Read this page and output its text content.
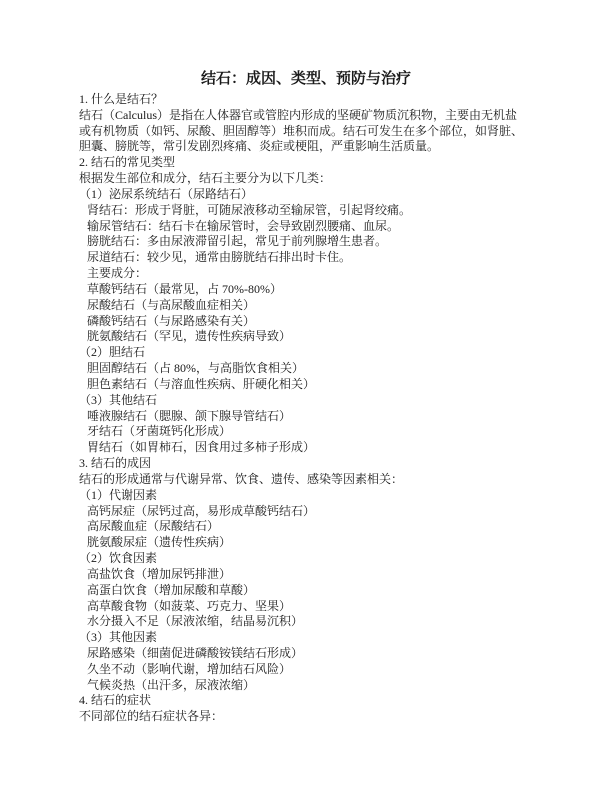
结石：成因、类型、预防与治疗
1. 什么是结石？
结石（Calculus）是指在人体器官或管腔内形成的坚硬矿物质沉积物，主要由无机盐
或有机物质（如钙、尿酸、胆固醇等）堆积而成。结石可发生在多个部位，如肾脏、
胆囊、膀胱等，常引发剧烈疼痛、炎症或梗阻，严重影响生活质量。
2. 结石的常见类型
根据发生部位和成分，结石主要分为以下几类：
（1）泌尿系统结石（尿路结石）
肾结石：形成于肾脏，可随尿液移动至输尿管，引起肾绞痛。
输尿管结石：结石卡在输尿管时，会导致剧烈腰痛、血尿。
膀胱结石：多由尿液滞留引起，常见于前列腺增生患者。
尿道结石：较少见，通常由膀胱结石排出时卡住。
主要成分：
草酸钙结石（最常见，占 70%-80%）
尿酸结石（与高尿酸血症相关）
磷酸钙结石（与尿路感染有关）
胱氨酸结石（罕见，遗传性疾病导致）
（2）胆结石
胆固醇结石（占 80%，与高脂饮食相关）
胆色素结石（与溶血性疾病、肝硬化相关）
（3）其他结石
唾液腺结石（腮腺、颌下腺导管结石）
牙结石（牙菌斑钙化形成）
胃结石（如胃柿石，因食用过多柿子形成）
3. 结石的成因
结石的形成通常与代谢异常、饮食、遗传、感染等因素相关：
（1）代谢因素
高钙尿症（尿钙过高，易形成草酸钙结石）
高尿酸血症（尿酸结石）
胱氨酸尿症（遗传性疾病）
（2）饮食因素
高盐饮食（增加尿钙排泄）
高蛋白饮食（增加尿酸和草酸）
高草酸食物（如菠菜、巧克力、坚果）
水分摄入不足（尿液浓缩，结晶易沉积）
（3）其他因素
尿路感染（细菌促进磷酸铵镁结石形成）
久坐不动（影响代谢，增加结石风险）
气候炎热（出汗多，尿液浓缩）
4. 结石的症状
不同部位的结石症状各异：
